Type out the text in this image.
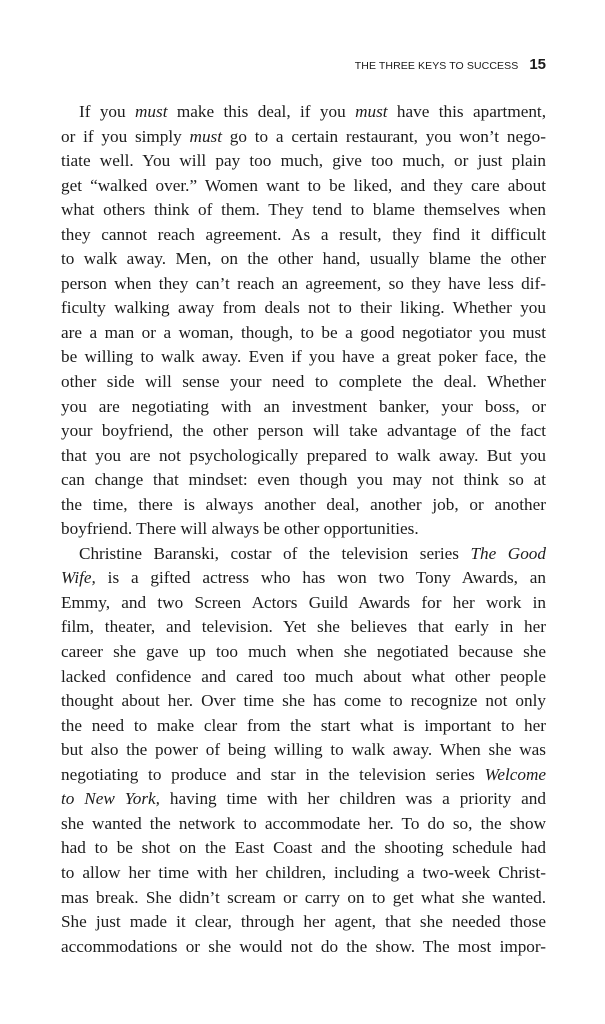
THE THREE KEYS TO SUCCESS 15
If you must make this deal, if you must have this apartment,
or if you simply must go to a certain restaurant, you won’t nego-
tiate well. You will pay too much, give too much, or just plain
get “walked over.” Women want to be liked, and they care about
what others think of them. They tend to blame themselves when
they cannot reach agreement. As a result, they find it difficult
to walk away. Men, on the other hand, usually blame the other
person when they can’t reach an agreement, so they have less dif-
ficulty walking away from deals not to their liking. Whether you
are a man or a woman, though, to be a good negotiator you must
be willing to walk away. Even if you have a great poker face, the
other side will sense your need to complete the deal. Whether
you are negotiating with an investment banker, your boss, or
your boyfriend, the other person will take advantage of the fact
that you are not psychologically prepared to walk away. But you
can change that mindset: even though you may not think so at
the time, there is always another deal, another job, or another
boyfriend. There will always be other opportunities.
Christine Baranski, costar of the television series The Good
Wife, is a gifted actress who has won two Tony Awards, an
Emmy, and two Screen Actors Guild Awards for her work in
film, theater, and television. Yet she believes that early in her
career she gave up too much when she negotiated because she
lacked confidence and cared too much about what other people
thought about her. Over time she has come to recognize not only
the need to make clear from the start what is important to her
but also the power of being willing to walk away. When she was
negotiating to produce and star in the television series Welcome
to New York, having time with her children was a priority and
she wanted the network to accommodate her. To do so, the show
had to be shot on the East Coast and the shooting schedule had
to allow her time with her children, including a two-week Christ-
mas break. She didn’t scream or carry on to get what she wanted.
She just made it clear, through her agent, that she needed those
accommodations or she would not do the show. The most impor-
